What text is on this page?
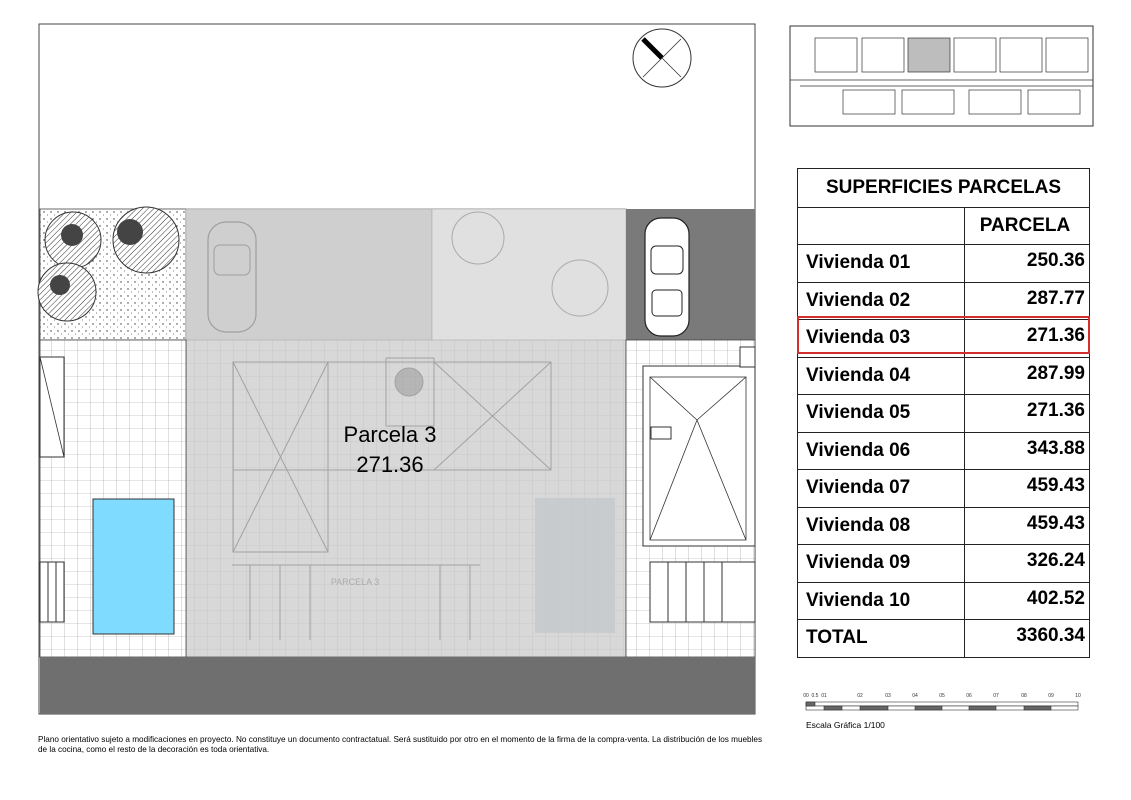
PARCELA 3
00 0.5 01	02	03	04	05	06	07	08	09	10
Parcela 3
271.36
SUPERFICIES PARCELAS
PARCELA
Vivienda 01	250.36
Vivienda 02	287.77
Vivienda 03	271.36
Vivienda 04	287.99
Vivienda 05	271.36
Vivienda 06	343.88
Vivienda 07	459.43
Vivienda 08	459.43
Vivienda 09	326.24
Vivienda 10	402.52
TOTAL	3360.34
Escala Gráfica 1/100
Plano orientativo sujeto a modificaciones en proyecto. No constituye un documento contractatual. Será sustituido por otro en el momento de la firma de la compra-venta. La distribución de los muebles de la cocina, como el resto de la decoración es toda orientativa.
